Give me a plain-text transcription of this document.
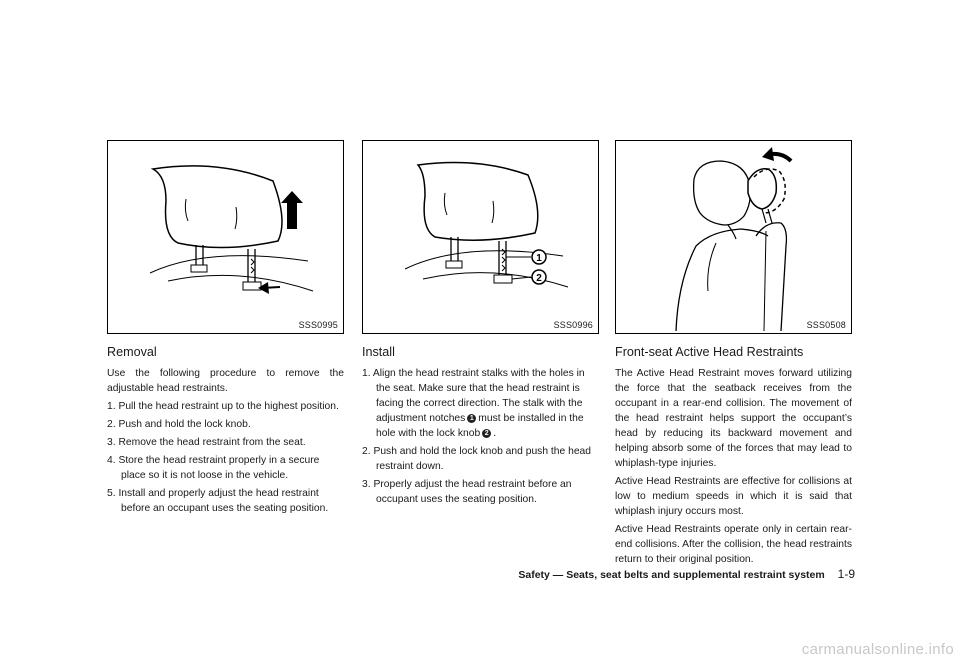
SSS0995
Removal

Use the following procedure to remove the adjustable head restraints.

1. Pull the head restraint up to the highest position.
2. Push and hold the lock knob.
3. Remove the head restraint from the seat.
4. Store the head restraint properly in a secure place so it is not loose in the vehicle.
5. Install and properly adjust the head restraint before an occupant uses the seating position.
1
2
SSS0996
Install
1. Align the head restraint stalks with the holes in the seat. Make sure that the head restraint is facing the correct direction. The stalk with the adjustment notches 1 must be installed in the hole with the lock knob 2 .
2. Push and hold the lock knob and push the head restraint down.
3. Properly adjust the head restraint before an occupant uses the seating position.
SSS0508
Front-seat Active Head Restraints

The Active Head Restraint moves forward utilizing the force that the seatback receives from the occupant in a rear-end collision. The movement of the head restraint helps support the occupant’s head by reducing its backward movement and helping absorb some of the forces that may lead to whiplash-type injuries.

Active Head Restraints are effective for collisions at low to medium speeds in which it is said that whiplash injury occurs most.

Active Head Restraints operate only in certain rear-end collisions. After the collision, the head restraints return to their original position.

Safety — Seats, seat belts and supplemental restraint system 1-9
carmanualsonline.info
